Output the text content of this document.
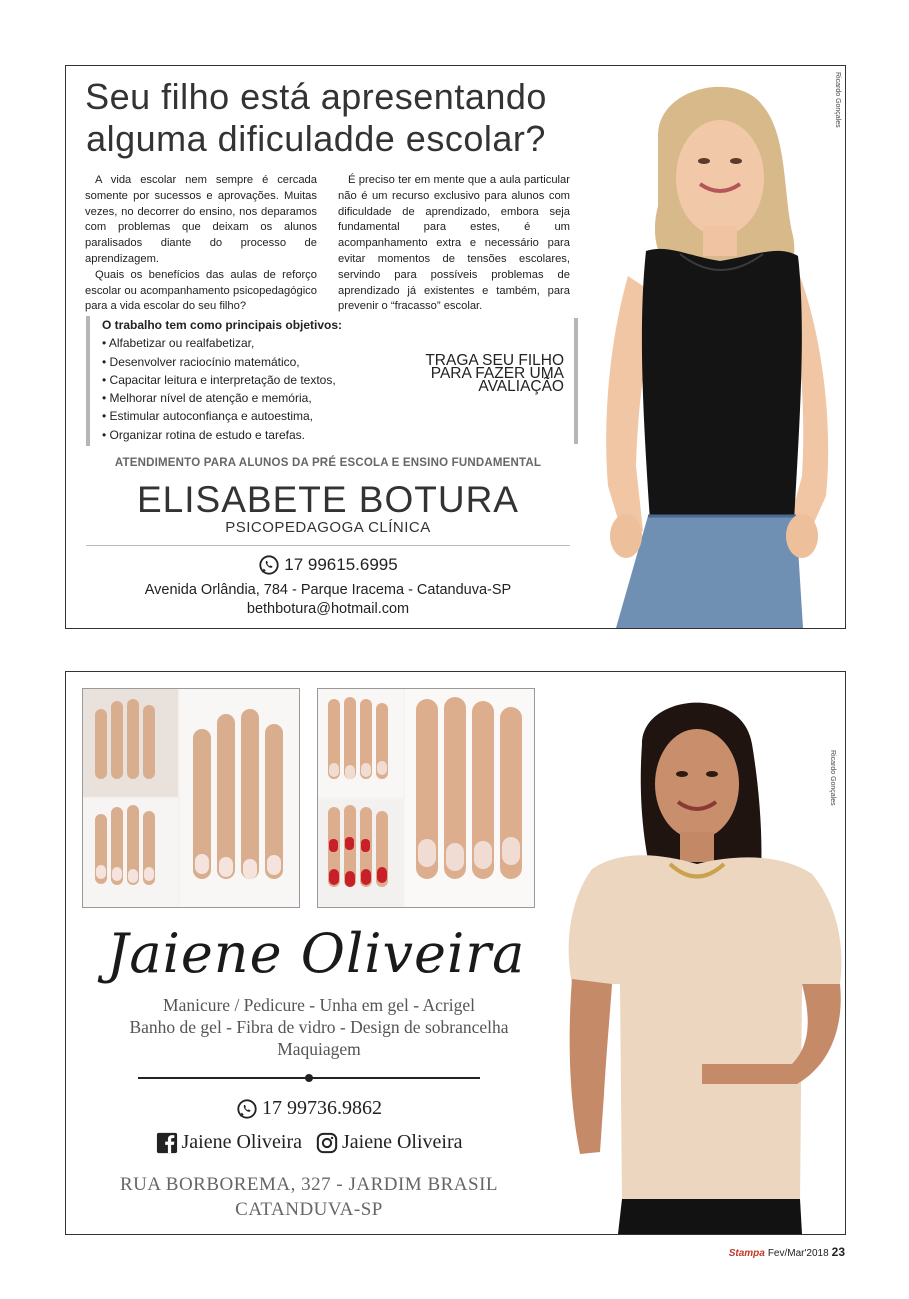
Seu filho está apresentando
alguma dificuladde escolar?

A vida escolar nem sempre é cercada somente por sucessos e aprovações. Muitas vezes, no decorrer do ensino, nos deparamos com problemas que deixam os alunos paralisados diante do processo de aprendizagem.

Quais os benefícios das aulas de reforço escolar ou acompanhamento psicopedagógico para a vida escolar do seu filho?

É preciso ter em mente que a aula particular não é um recurso exclusivo para alunos com dificuldade de aprendizado, embora seja fundamental para estes, é um acompanhamento extra e necessário para evitar momentos de tensões escolares, servindo para possíveis problemas de aprendizado já existentes e também, para prevenir o “fracasso” escolar.

O trabalho tem como principais objetivos:
• Alfabetizar ou realfabetizar,
• Desenvolver raciocínio matemático,
• Capacitar leitura e interpretação de textos,
• Melhorar nível de atenção e memória,
• Estimular autoconfiança e autoestima,
• Organizar rotina de estudo e tarefas.
TRAGA SEU FILHO
PARA FAZER UMA
AVALIAÇÃO
ATENDIMENTO PARA ALUNOS DA PRÉ ESCOLA E ENSINO FUNDAMENTAL
ELISABETE BOTURA
PSICOPEDAGOGA CLÍNICA
17 99615.6995
Avenida Orlândia, 784 - Parque Iracema - Catanduva-SP
bethbotura@hotmail.com
Ricardo Gonçales
Jaiene Oliveira
Manicure / Pedicure - Unha em gel - Acrigel
Banho de gel - Fibra de vidro - Design de sobrancelha
Maquiagem
17 99736.9862
Jaiene Oliveira Jaiene Oliveira
RUA BORBOREMA, 327 - JARDIM BRASIL
CATANDUVA-SP
Ricardo Gonçales
Stampa Fev/Mar'2018 23
